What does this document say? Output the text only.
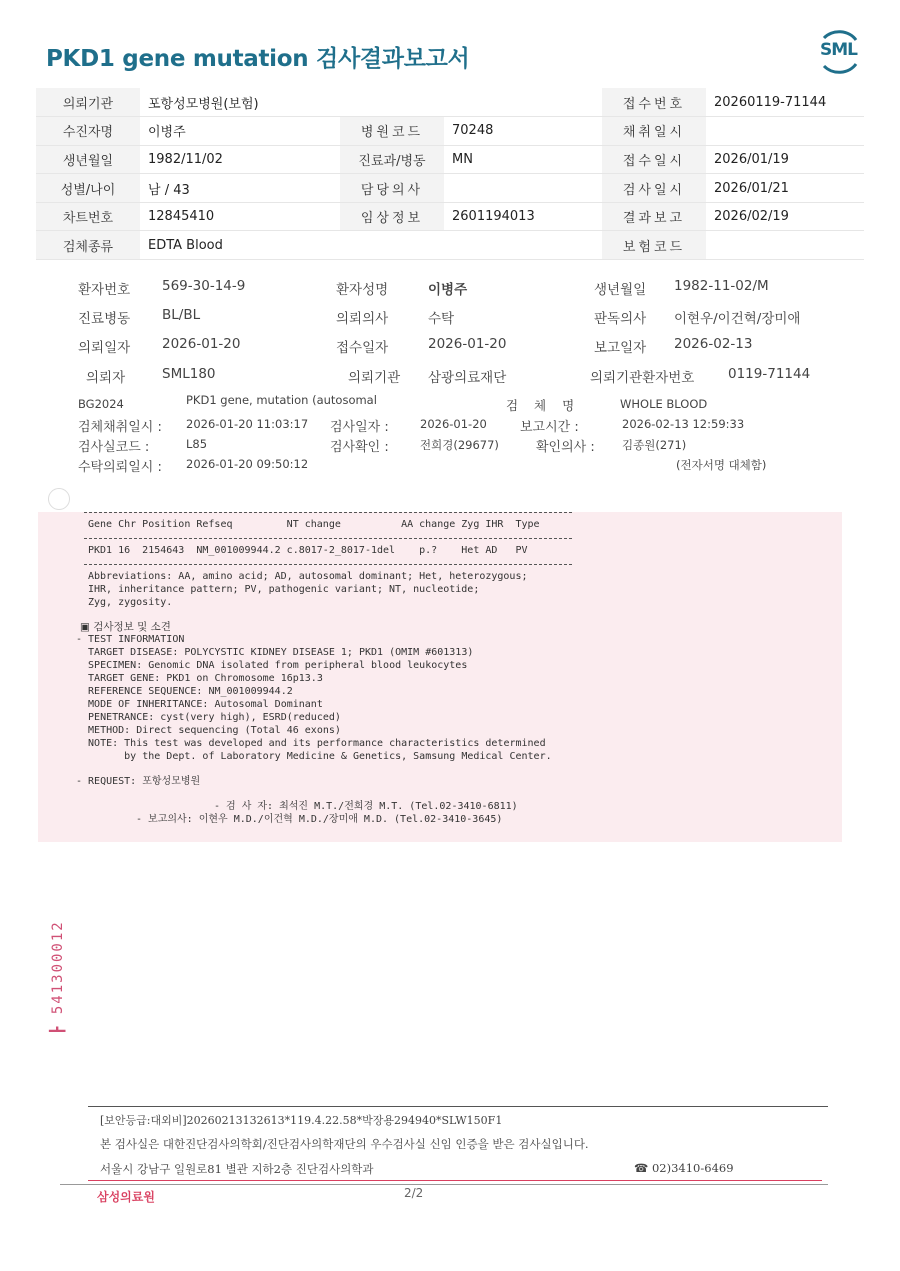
PKD1 gene mutation 검사결과보고서	SML
의뢰기관	포항성모병원(보험)			접수번호	20260119-71144
수진자명	이병주	병원코드	70248	채취일시	
생년월일	1982/11/02	진료과/병동	MN	접수일시	2026/01/19
성별/나이	남 / 43	담당의사		검사일시	2026/01/21
차트번호	12845410	임상정보	2601194013	결과보고	2026/02/19
검체종류	EDTA Blood			보험코드	
환자번호 569-30-14-9	환자성명	이병주	생년월일 1982-11-02/M
진료병동 BL/BL	의뢰의사	수탁	판독의사 이현우/이건혁/장미애
의뢰일자 2026-01-20	접수일자	2026-01-20	보고일자 2026-02-13
의뢰자	SML180	의뢰기관 삼광의료재단	의뢰기관환자번호 0119-71144
BG2024	PKD1 gene, mutation (autosomal	검 체 명	WHOLE BLOOD
검체채취일시 : 2026-01-20 11:03:17 검사일자 :	2026-01-20	보고시간 :	2026-02-13 12:59:33
검사실코드 :	L85	검사확인 :	전희경(29677)	확인의사 : 김종원(271)
수탁의뢰일시 : 2026-01-20 09:50:12	(전자서명 대체함)
Gene Chr Position Refseq         NT change          AA change Zyg IHR  Type
PKD1 16  2154643  NM_001009944.2 c.8017-2_8017-1del    p.?    Het AD   PV
Abbreviations: AA, amino acid; AD, autosomal dominant; Het, heterozygous;
IHR, inheritance pattern; PV, pathogenic variant; NT, nucleotide;
Zyg, zygosity.
▣ 검사정보 및 소견
- TEST INFORMATION
TARGET DISEASE: POLYCYSTIC KIDNEY DISEASE 1; PKD1 (OMIM #601313)
SPECIMEN: Genomic DNA isolated from peripheral blood leukocytes
TARGET GENE: PKD1 on Chromosome 16p13.3
REFERENCE SEQUENCE: NM_001009944.2
MODE OF INHERITANCE: Autosomal Dominant
PENETRANCE: cyst(very high), ESRD(reduced)
METHOD: Direct sequencing (Total 46 exons)
NOTE: This test was developed and its performance characteristics determined
by the Dept. of Laboratory Medicine & Genetics, Samsung Medical Center.
- REQUEST: 포항성모병원
- 검 사 자: 최석진 M.T./전희경 M.T. (Tel.02-3410-6811)
- 보고의사: 이현우 M.D./이건혁 M.D./장미애 M.D. (Tel.02-3410-3645)
┣ 541300012
[보안등급:대외비]20260213132613*119.4.22.58*박장용294940*SLW150F1
본 검사실은 대한진단검사의학회/진단검사의학재단의 우수검사실 신임 인증을 받은 검사실입니다.
서울시 강남구 일원로81 별관 지하2층 진단검사의학과	☎ 02)3410-6469
삼성의료원	2/2
